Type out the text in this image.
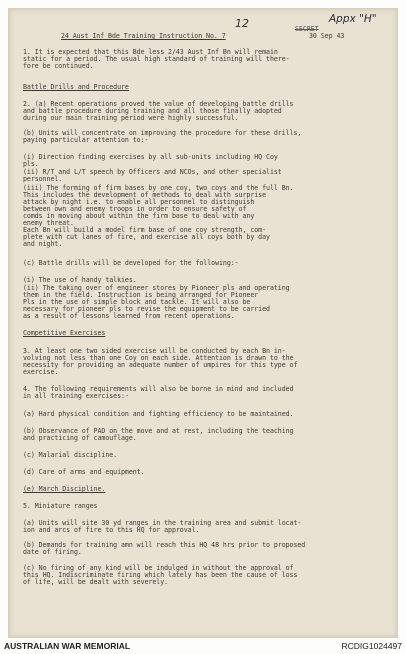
12	Appx "H"
SECRET
30 Sep 43
24 Aust Inf Bde Training Instruction No. 7
1. It is expected that this Bde less 2/43 Aust Inf Bn will remain
static for a period. The usual high standard of training will there-
fore be continued.
Battle Drills and Procedure
2. (a) Recent operations proved the value of developing battle drills
and battle procedure during training and all those finally adopted
during our main training period were highly successful.
(b) Units will concentrate on improving the procedure for these drills,
paying particular attention to:-
(i) Direction finding exercises by all sub-units including HQ Coy
pls.
(ii) R/T and L/T speech by Officers and NCOs, and other specialist
personnel.
(iii) The forming of firm bases by one coy, two coys and the full Bn.
This includes the development of methods to deal with surprise
attack by night i.e. to enable all personnel to distinguish
between own and enemy troops in order to ensure safety of
comds in moving about within the firm base to deal with any
enemy threat.
Each Bn will build a model firm base of one coy strength, com-
plete with cut lanes of fire, and exercise all coys both by day
and night.
(c) Battle drills will be developed for the following:-
(i) The use of handy talkies.
(ii) The taking over of engineer stores by Pioneer pls and operating
them in the field. Instruction is being arranged for Pioneer
Pls in the use of simple block and tackle. It will also be
necessary for pioneer pls to revise the equipment to be carried
as a result of lessons learned from recent operations.
Competitive Exercises
3. At least one two sided exercise will be conducted by each Bn in-
volving not less than one Coy on each side. Attention is drawn to the
necessity for providing an adequate number of umpires for this type of
exercise.
4. The following requirements will also be borne in mind and included
in all training exercises:-
(a) Hard physical condition and fighting efficiency to be maintained.
(b) Observance of PAD on the move and at rest, including the teaching
and practicing of camouflage.
(c) Malarial discipline.
(d) Care of arms and equipment.
(e) March Discipline.
5. Miniature ranges
(a) Units will site 30 yd ranges in the training area and submit locat-
ion and arcs of fire to this HQ for approval.
(b) Demands for training amn will reach this HQ 48 hrs prior to proposed
date of firing.
(c) No firing of any kind will be indulged in without the approval of
this HQ. Indiscriminate firing which lately has been the cause of loss
of life, will be dealt with severely.
AUSTRALIAN WAR MEMORIAL	RCDIG1024497
